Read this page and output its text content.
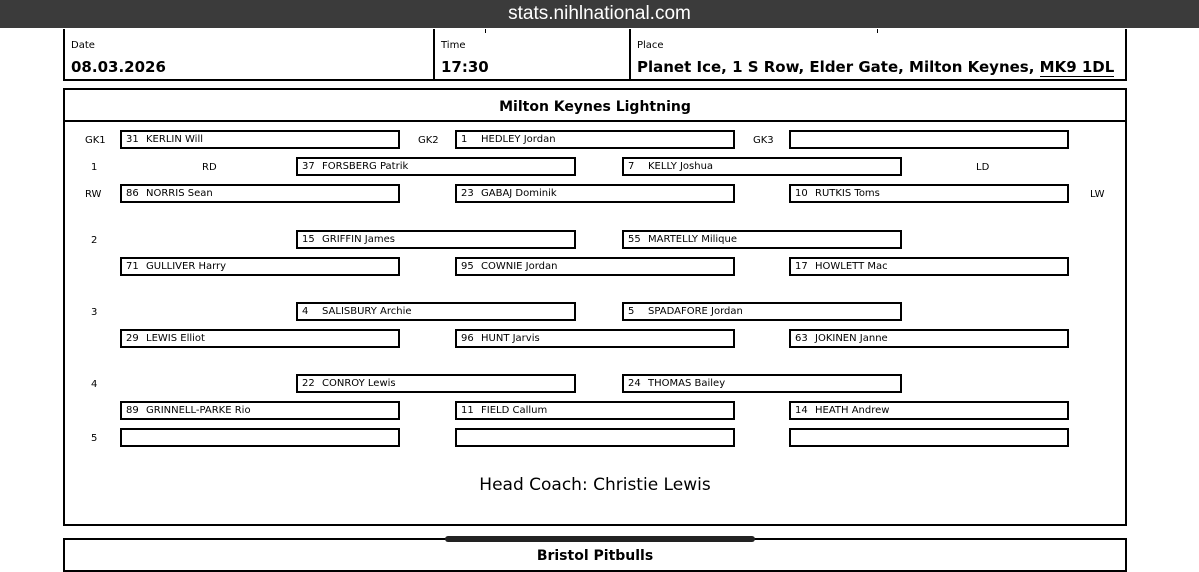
stats.nihlnational.com
Date
08.03.2026
Time
17:30
Place
Planet Ice, 1 S Row, Elder Gate, Milton Keynes, MK9 1DL
Milton Keynes Lightning
GK1 31 KERLIN Will	GK2 1 HEDLEY Jordan	GK3
1	RD	37 FORSBERG Patrik	7 KELLY Joshua	LD
RW 86 NORRIS Sean	23 GABAJ Dominik	10 RUTKIS Toms	LW
2	15 GRIFFIN James	55 MARTELLY Milique
71 GULLIVER Harry	95 COWNIE Jordan	17 HOWLETT Mac
3	4 SALISBURY Archie	5 SPADAFORE Jordan
29 LEWIS Elliot	96 HUNT Jarvis	63 JOKINEN Janne
4	22 CONROY Lewis	24 THOMAS Bailey
89 GRINNELL-PARKE Rio	11 FIELD Callum	14 HEATH Andrew
5
Head Coach: Christie Lewis
Bristol Pitbulls
